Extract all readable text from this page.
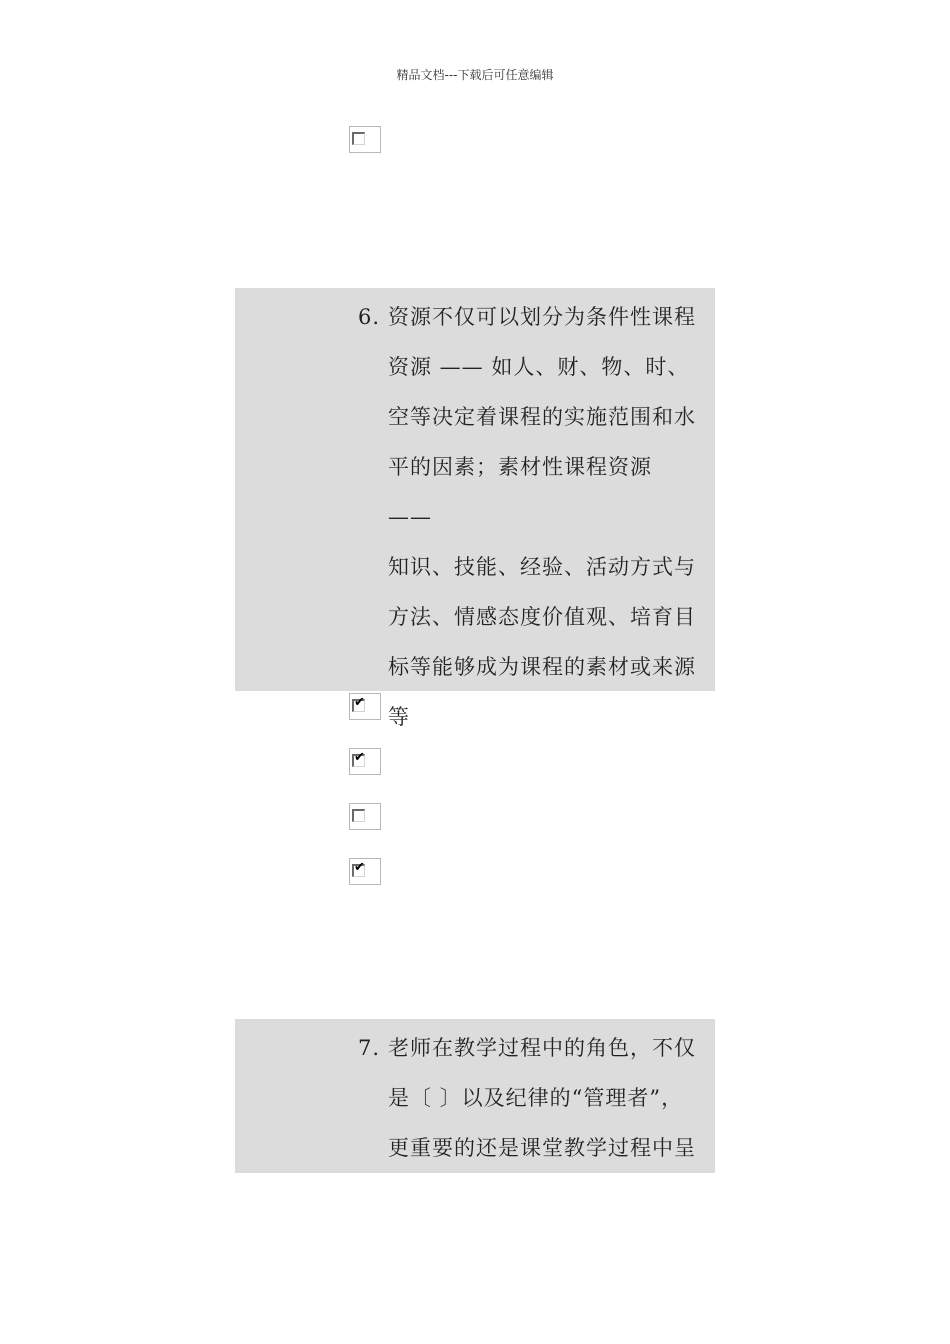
精品文档---下载后可任意编辑
6. 资源不仅可以划分为条件性课程
资源 —— 如人、财、物、时、
空等决定着课程的实施范围和水
平的因素；素材性课程资源 ——
知识、技能、经验、活动方式与
方法、情感态度价值观、培育目
标等能够成为课程的素材或来源
等
✔
✔
✔
7. 老师在教学过程中的角色，不仅
是〔 〕以及纪律的“管理者”，
更重要的还是课堂教学过程中呈
